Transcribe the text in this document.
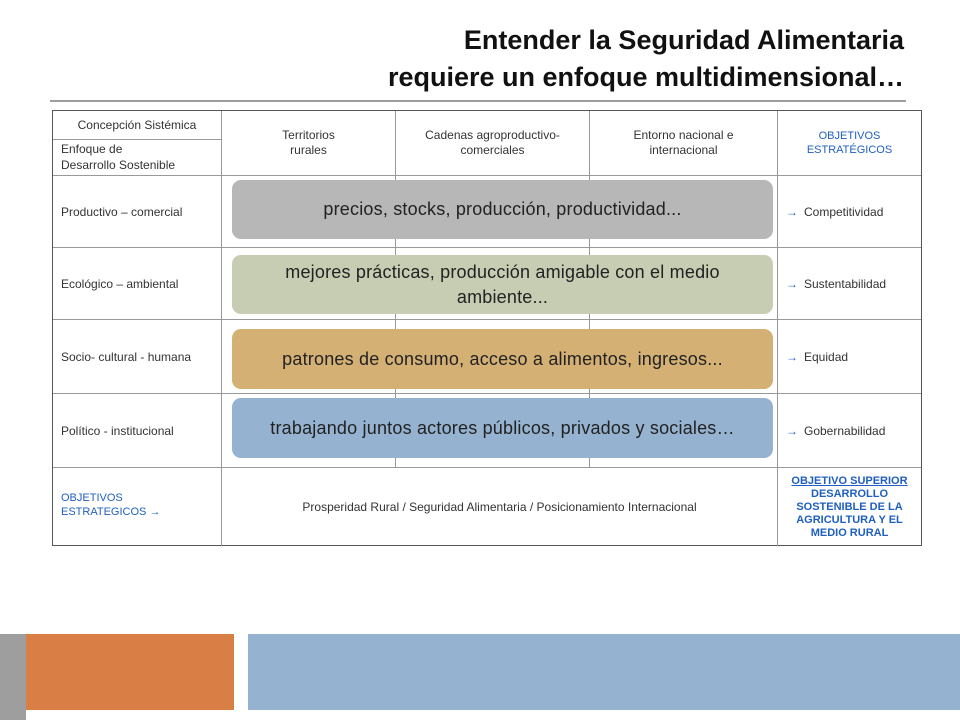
Entender la Seguridad Alimentaria
requiere un enfoque multidimensional…
Concepción Sistémica
Enfoque de
Desarrollo Sostenible
Territorios
rurales
Cadenas agroproductivo-
comerciales
Entorno nacional e
internacional
OBJETIVOS
ESTRATÉGICOS
Productivo – comercial
Ecológico – ambiental
Socio- cultural - humana
Político - institucional
→ Competitividad
→ Sustentabilidad
→ Equidad
→ Gobernabilidad
OBJETIVOS
ESTRATEGICOS →	Prosperidad Rural / Seguridad Alimentaria / Posicionamiento Internacional
OBJETIVO SUPERIOR
DESARROLLO
SOSTENIBLE DE LA
AGRICULTURA Y EL
MEDIO RURAL
precios, stocks, producción, productividad...
mejores prácticas, producción amigable con el medio ambiente...
patrones de consumo, acceso a alimentos, ingresos...
trabajando juntos actores públicos, privados y sociales…
